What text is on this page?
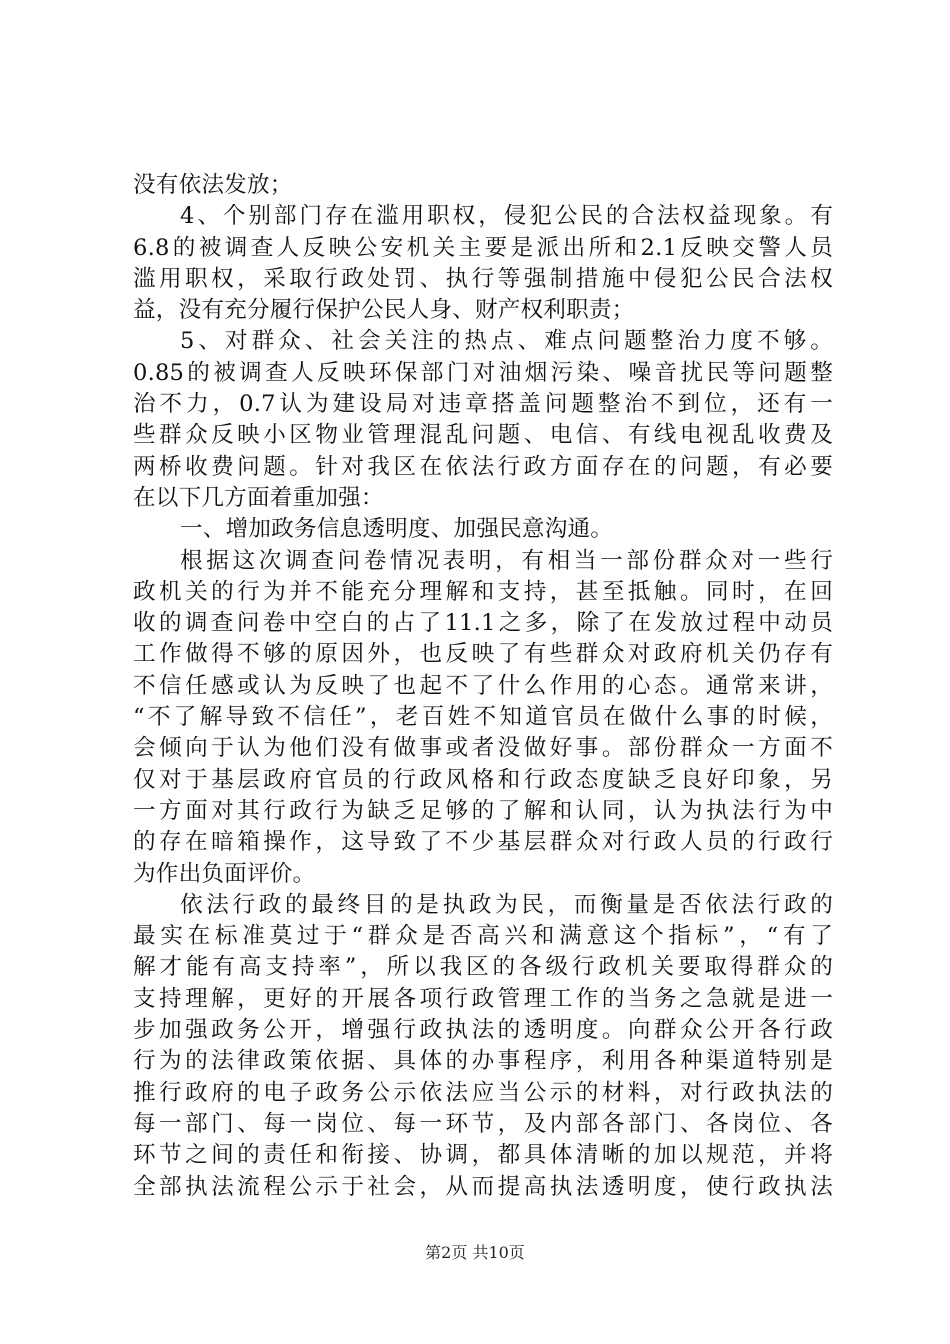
没有依法发放；
4、个别部门存在滥用职权，侵犯公民的合法权益现象。有
6.8的被调查人反映公安机关主要是派出所和2.1反映交警人员
滥用职权，采取行政处罚、执行等强制措施中侵犯公民合法权
益，没有充分履行保护公民人身、财产权利职责；
5、对群众、社会关注的热点、难点问题整治力度不够。
0.85的被调查人反映环保部门对油烟污染、噪音扰民等问题整
治不力，0.7认为建设局对违章搭盖问题整治不到位，还有一
些群众反映小区物业管理混乱问题、电信、有线电视乱收费及
两桥收费问题。针对我区在依法行政方面存在的问题，有必要
在以下几方面着重加强：
一、增加政务信息透明度、加强民意沟通。
根据这次调查问卷情况表明，有相当一部份群众对一些行
政机关的行为并不能充分理解和支持，甚至抵触。同时，在回
收的调查问卷中空白的占了11.1之多，除了在发放过程中动员
工作做得不够的原因外，也反映了有些群众对政府机关仍存有
不信任感或认为反映了也起不了什么作用的心态。通常来讲，
“不了解导致不信任”，老百姓不知道官员在做什么事的时候，
会倾向于认为他们没有做事或者没做好事。部份群众一方面不
仅对于基层政府官员的行政风格和行政态度缺乏良好印象，另
一方面对其行政行为缺乏足够的了解和认同，认为执法行为中
的存在暗箱操作，这导致了不少基层群众对行政人员的行政行
为作出负面评价。
依法行政的最终目的是执政为民，而衡量是否依法行政的
最实在标准莫过于“群众是否高兴和满意这个指标”，“有了
解才能有高支持率”，所以我区的各级行政机关要取得群众的
支持理解，更好的开展各项行政管理工作的当务之急就是进一
步加强政务公开，增强行政执法的透明度。向群众公开各行政
行为的法律政策依据、具体的办事程序，利用各种渠道特别是
推行政府的电子政务公示依法应当公示的材料，对行政执法的
每一部门、每一岗位、每一环节，及内部各部门、各岗位、各
环节之间的责任和衔接、协调，都具体清晰的加以规范，并将
全部执法流程公示于社会，从而提高执法透明度，使行政执法
第2页 共10页
